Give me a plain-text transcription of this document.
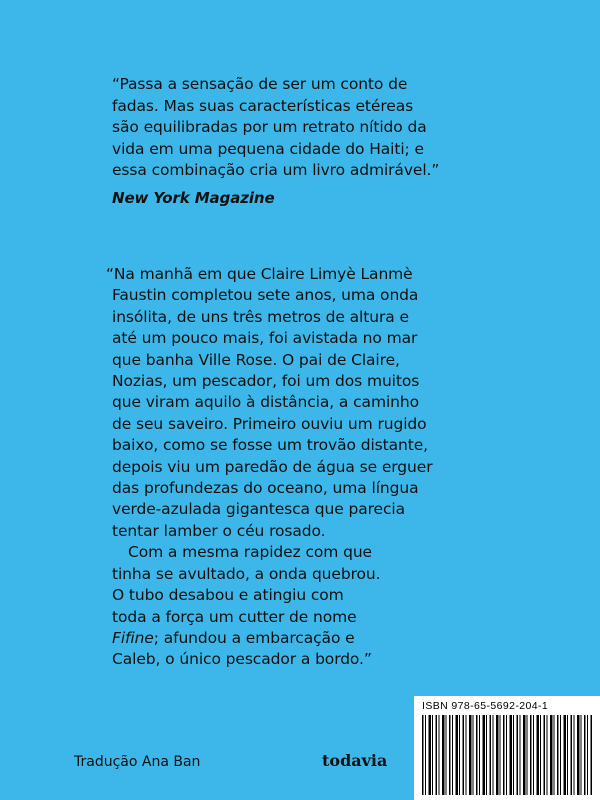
“Passa a sensação de ser um conto de
fadas. Mas suas características etéreas
são equilibradas por um retrato nítido da
vida em uma pequena cidade do Haiti; e
essa combinação cria um livro admirável.”
New York Magazine
“Na manhã em que Claire Limyè Lanmè
Faustin completou sete anos, uma onda
insólita, de uns três metros de altura e
até um pouco mais, foi avistada no mar
que banha Ville Rose. O pai de Claire,
Nozias, um pescador, foi um dos muitos
que viram aquilo à distância, a caminho
de seu saveiro. Primeiro ouviu um rugido
baixo, como se fosse um trovão distante,
depois viu um paredão de água se erguer
das profundezas do oceano, uma língua
verde-azulada gigantesca que parecia
tentar lamber o céu rosado.
Com a mesma rapidez com que
tinha se avultado, a onda quebrou.
O tubo desabou e atingiu com
toda a força um cutter de nome
Fifine; afundou a embarcação e
Caleb, o único pescador a bordo.”
Tradução Ana Ban	todavia
ISBN 978-65-5692-204-1
